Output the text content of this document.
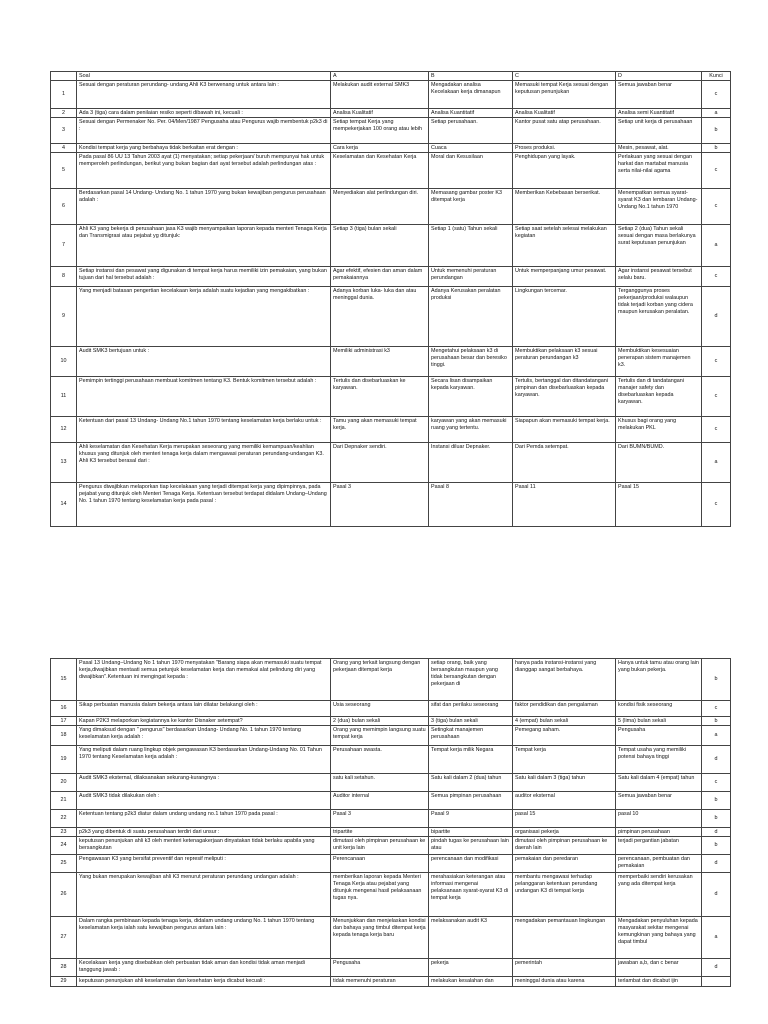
	Soal	A	B	C	D	Kunci
1	Sesuai dengan peraturan perundang- undang Ahli K3 berwenang untuk antara lain :	Melakukan audit external SMK3	Mengadakan analisa Kecelakaan kerja dimanapun	Memasuki tempat Kerja sesuai dengan keputusan penunjukan	Semua jawaban benar	c
2	Ada 3 (tiga) cara dalam penilaian resiko seperti dibawah ini, kecuali :	Analisa Kualitatif	Analisa Kuantitatif	Analisa Kualitatif	Analisa semi Kuantitatif	a
3	Sesuai dengan Permenaker No. Per. 04/Men/1987 Pengusaha atau Pengurus wajib membentuk p2k3 di :	Setiap tempat Kerja yang mempekerjakan 100 orang atau lebih	Setiap perusahaan.	Kantor pusat satu atap perusahaan.	Setiap unit kerja di perusahaan	b
4	Kondisi tempat kerja yang berbahaya tidak berkaitan erat dengan :	Cara kerja	Cuaca	Proses produksi.	Mesin, pesawat, alat.	b
5	Pada pasal 86 UU 13 Tahun 2003 ayat (1) menyatakan; setiap pekerjaan/ buruh mempunyai hak untuk memperoleh perlindungan, berikut yang bukan bagian dari ayat tersebut adalah perlindungan atas :	Keselamatan dan Kesehatan Kerja	Moral dan Kesusilaan	Penghidupan yang layak.	Perlakuan yang sesuai dengan harkat dan martabat manusia serta nilai-nilai agama	c
6	Berdasarkan pasal 14 Undang- Undang No. 1 tahun 1970 yang bukan kewajiban pengurus perusahaan adalah :	Menyediakan alat perlindungan diri.	Memasang gambar poster K3 ditempat kerja	Memberikan Kebebasan berserikat.	Menempatkan semua syarat-syarat K3 dan lembaran Undang-Undang No.1 tahun 1970	c
7	Ahli K3 yang bekerja di perusahaan jasa K3 wajib menyampaikan laporan kepada menteri Tenaga Kerja dan Transmigrasi atau pejabat yg ditunjuk:	Setiap 3 (tiga) bulan sekali	Setiap 1 (satu) Tahun sekali	Setiap saat setelah selesai melakukan kegiatan	Setiap 2 (dua) Tahun sekali sesuai dengan masa berlakunya surat keputusan penunjukan	a
8	Setiap instansi dan pesawat yang digunakan di tempat kerja harus memiliki izin pemakaian, yang bukan tujuan dari hal tersebut adalah :	Agar efektif, efesien dan aman dalam pemakaiannya	Untuk memenuhi peraturan perundangan	Untuk memperpanjang umur pesawat.	Agar instansi pesawat tersebut selalu baru.	c
9	Yang menjadi batasan pengertian kecelakaan kerja adalah suatu kejadian yang mengakibatkan :	Adanya korban luka- luka dan atau meninggal dunia.	Adanya Kerusakan peralatan produksi	Lingkungan tercemar.	Terganggunya proses pekerjaan/produksi walaupun tidak terjadi korban yang cidera maupun kerusakan peralatan.	d
10	Audit SMK3 bertujuan untuk :	Memiliki administrasi k3	Mengetahui pelaksaan k3 di perusahaan besar dan beresiko tinggi.	Membuktikan pelaksaan k3 sesuai peraturan perundangan k3	Membuktikan kesesuaian penerapan sistem manajemen k3.	c
11	Pemimpin tertinggi perusahaan membuat komitmen tentang K3. Bentuk komitmen tersebut adalah :	Tertulis dan disebarluaskan ke karyawan.	Secara lisan disampaikan kepada karyawan.	Tertulis, bertanggal dan ditandatangani pimpinan dan disebarluaskan kepada karyawan.	Tertulis dan di tandatangani manajer safety dan disebarluaskan kepada karyawan.	c
12	Ketentuan dari pasal 13 Undang- Undang No.1 tahun 1970 tentang keselamatan kerja berlaku untuk :	Tamu yang akan memasuki tempat kerja.	karyawan yang akan memasuki ruang yang tertentu.	Siapapun akan memasuki tempat kerja.	Khusus bagi orang yang melakukan PKL	c
13	Ahli keselamatan dan Kesehatan Kerja merupakan seseorang yang memiliki kemampuan/keahlian khusus yang ditunjuk oleh menteri tenaga kerja dalam mengawasi peraturan perundang-undangan K3. Ahli K3 tersebut berasal dari :	Dari Depnaker sendiri.	Instansi diluar Depnaker.	Dari Pemda setempat.	Dari BUMN/BUMD.	a
14	Pengurus diwajibkan melaporkan tiap kecelakaan yang terjadi ditempat kerja yang dipimpinnya, pada pejabat yang ditunjuk oleh Menteri Tenaga Kerja. Ketentuan tersebut terdapat didalam Undang–Undang No. 1 tahun 1970 tentang keselamatan kerja pada pasal :	Pasal 3	Pasal 8	Pasal 11	Pasal 15	c
15	Pasal 13 Undang–Undang No 1 tahun 1970 menyatakan "Barang siapa akan memasuki suatu tempat kerja,diwajibkan mentaati semua petunjuk keselamatan kerja dan memakai alat pelindung diri yang diwajibkan".Ketentuan ini mengingat kepada :	Orang yang terkait langsung dengan pekerjaan ditempat kerja	setiap orang, baik yang bersangkutan maupun yang tidak bersangkutan dengan pekerjaan di	hanya pada instansi-instansi yang dianggap sangat berbahaya.	Hanya untuk tamu atau orang lain yang bukan pekerja.	b
16	Sikap perbuatan manusia dalam bekerja antara lain dilatar belakangi oleh :	Usia seseorang	sifat dan perilaku seseorang	faktor pendidikan dan pengalaman	kondisi fisik seseorang	c
17	Kapan P2K3 melaporkan kegiatannya ke kantor Disnaker setempat?	2 (dua) bulan sekali	3 (tiga) bulan sekali	4 (empat) bulan sekali	5 (lima) bulan sekali	b
18	Yang dimaksud dengan " pengurus" berdasarkan Undang- Undang No. 1 tahun 1970 tentang keselamatan kerja adalah :	Orang yang memimpin langsung suatu tempat kerja	Setingkat manajemen perusahaan	Pemegang saham.	Pengusaha	a
19	Yang meliputi dalam ruang lingkup objek pengawasan K3 berdasarkan Undang-Undang No. 01 Tahun 1970 tentang Keselamatan kerja adalah :	Perusahaan swasta.	Tempat kerja milik Negara	Tempat kerja	Tempat usaha yang memiliki potensi bahaya tinggi	d
20	Audit SMK3 eksternal, dilaksanakan sekurang-kurangnya :	satu kali setahun.	Satu kali dalam 2 (dua) tahun	Satu kali dalam 3 (tiga) tahun	Satu kali dalam 4 (empat) tahun	c
21	Audit SMK3 tidak dilakukan oleh :	Auditor internal	Semua pimpinan perusahaan	auditor eksternal	Semua jawaban benar	b
22	Ketentuan tentang p2k3 diatur dalam undang undang no.1 tahun 1970 pada pasal :	Pasal 3	Pasal 9	pasal 15	pasal 10	b
23	p2k3 yang dibentuk di suatu perusahaan terdiri dari unsur :	tripartite	bipartite	organisasi pekerja	pimpinan perusahaan	d
24	keputusan penunjukan ahli k3 oleh menteri ketenagakerjaan dinyatakan tidak berlaku apabila yang bersangkutan	dimutasi oleh pimpinan perusahaan ke unit kerja lain	pindah tugas ke perusahaan lain atau	dimutasi oleh pimpinan perusahaan ke daerah lain	terjadi pergantian jabatan	b
25	Pengawasan K3 yang bersifat preventif dan represif meliputi :	Perencanaan	perencanaan dan modifikasi	pemakaian dan peredaran	perencanaan, pembuatan dan pemakaian	d
26	Yang bukan merupakan kewajiban ahli K3 menurut peraturan perundang undangan adalah :	memberikan laporan kepada Menteri Tenaga Kerja atau pejabat yang ditunjuk mengenai hasil pelaksanaan tugas nya.	merahasiakan keterangan atau informasi mengenai pelaksanaan syarat-syarat K3 di tempat kerja	membantu mengawasi terhadap pelanggaran ketentuan perundang undangan K3 di tempat kerja	memperbaiki sendiri kerusakan yang ada ditempat kerja	d
27	Dalam rangka pembinaan kepada tenaga kerja, didalam undang undang No. 1 tahun 1970 tentang keselamatan kerja ialah satu kewajiban pengurus antara lain :	Menunjukkan dan menjelaskan kondisi dan bahaya yang timbul ditempat kerja kepada tenaga kerja baru	melaksanakan audit K3	mengadakan pemantauan lingkungan	Mengadakan penyuluhan kepada masyarakat sekitar mengenai kemungkinan yang bahaya yang dapat timbul	a
28	Kecelakaan kerja yang disebabkan oleh perbuatan tidak aman dan kondisi tidak aman menjadi tanggung jawab :	Pengusaha	pekerja	pemerintah	jawaban a,b, dan c benar	d
29	keputusan penunjukan ahli keselamatan dan kesehatan kerja dicabut kecuali :	tidak memenuhi peraturan	melakukan kesalahan dan	meninggal dunia atau karena	terlambat dan dicabut ijin	
